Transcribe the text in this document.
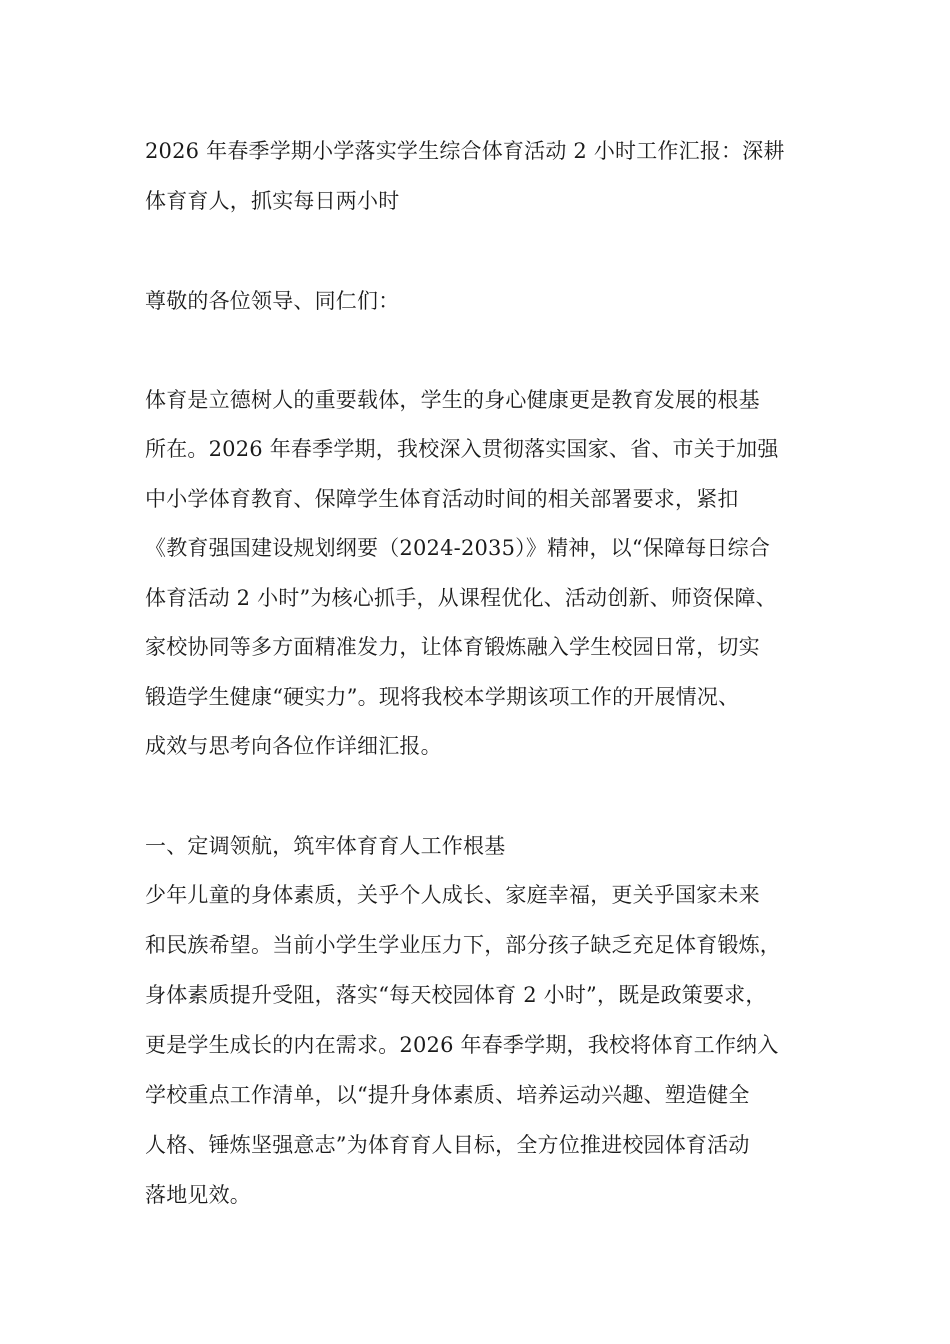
2026 年春季学期小学落实学生综合体育活动 2 小时工作汇报：深耕
体育育人，抓实每日两小时
尊敬的各位领导、同仁们：
体育是立德树人的重要载体，学生的身心健康更是教育发展的根基
所在。2026 年春季学期，我校深入贯彻落实国家、省、市关于加强
中小学体育教育、保障学生体育活动时间的相关部署要求，紧扣
《教育强国建设规划纲要（2024-2035）》精神，以“保障每日综合
体育活动 2 小时”为核心抓手，从课程优化、活动创新、师资保障、
家校协同等多方面精准发力，让体育锻炼融入学生校园日常，切实
锻造学生健康“硬实力”。现将我校本学期该项工作的开展情况、
成效与思考向各位作详细汇报。
一、定调领航，筑牢体育育人工作根基
少年儿童的身体素质，关乎个人成长、家庭幸福，更关乎国家未来
和民族希望。当前小学生学业压力下，部分孩子缺乏充足体育锻炼，
身体素质提升受阻，落实“每天校园体育 2 小时”，既是政策要求，
更是学生成长的内在需求。2026 年春季学期，我校将体育工作纳入
学校重点工作清单，以“提升身体素质、培养运动兴趣、塑造健全
人格、锤炼坚强意志”为体育育人目标，全方位推进校园体育活动
落地见效。
